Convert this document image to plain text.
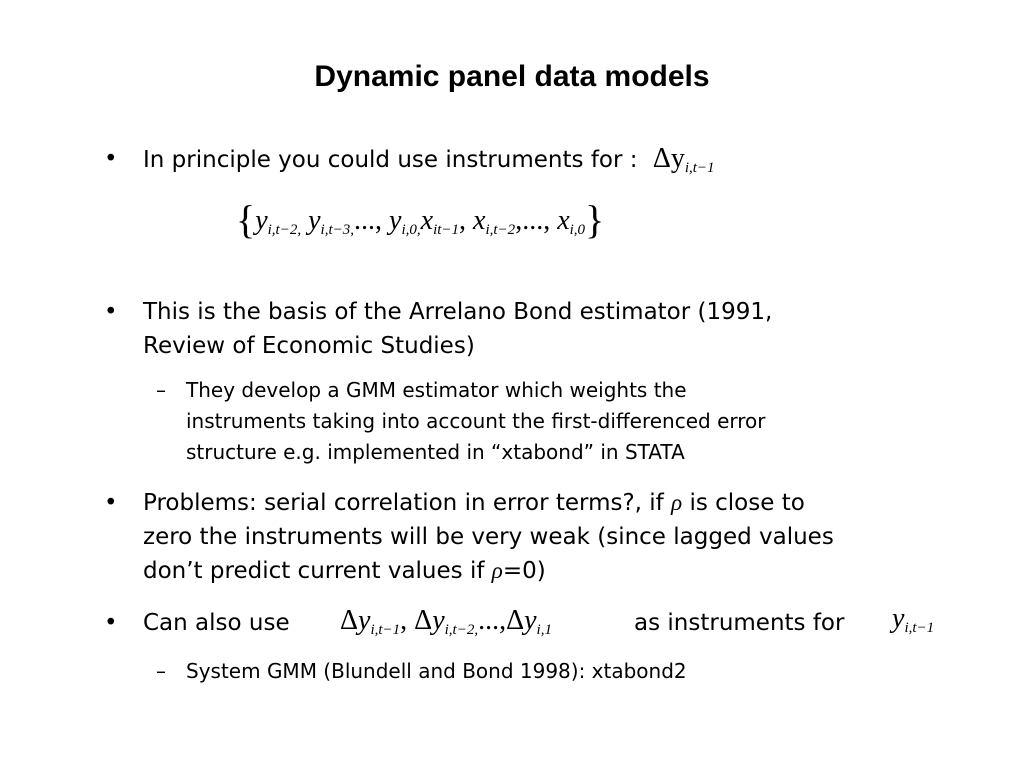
Dynamic panel data models
• In principle you could use instruments for : $\Delta y_{i,t-1}$
{$y_{i,t-2,}$ $y_{i,t-3,}$..., $y_{i,0,}x_{it-1}$, $x_{i,t-2}$,..., $x_{i,0}$}
• This is the basis of the Arrelano Bond estimator (1991,
Review of Economic Studies)
– They develop a GMM estimator which weights the
instruments taking into account the first-differenced error
structure e.g. implemented in “xtabond” in STATA
• Problems: serial correlation in error terms?, if ρ is close to
zero the instruments will be very weak (since lagged values
don’t predict current values if ρ=0)
• Can also use	$\Delta y_{i,t-1}$, $\Delta y_{i,t-2,}...,\Delta y_{i,1}$	as instruments for $y_{i,t-1}$
– System GMM (Blundell and Bond 1998): xtabond2
